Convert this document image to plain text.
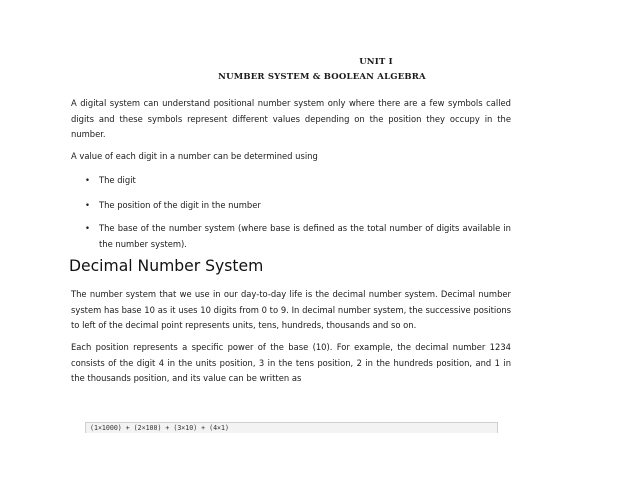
UNIT I
NUMBER SYSTEM & BOOLEAN ALGEBRA

A digital system can understand positional number system only where there are a few symbols called digits and these symbols represent different values depending on the position they occupy in the number.

A value of each digit in a number can be determined using

• The digit
• The position of the digit in the number
• The base of the number system (where base is defined as the total number of digits available in the number system).
Decimal Number System

The number system that we use in our day-to-day life is the decimal number system. Decimal number system has base 10 as it uses 10 digits from 0 to 9. In decimal number system, the successive positions to left of the decimal point represents units, tens, hundreds, thousands and so on.

Each position represents a specific power of the base (10). For example, the decimal number 1234 consists of the digit 4 in the units position, 3 in the tens position, 2 in the hundreds position, and 1 in the thousands position, and its value can be written as

(1×1000) + (2×100) + (3×10) + (4×1)
